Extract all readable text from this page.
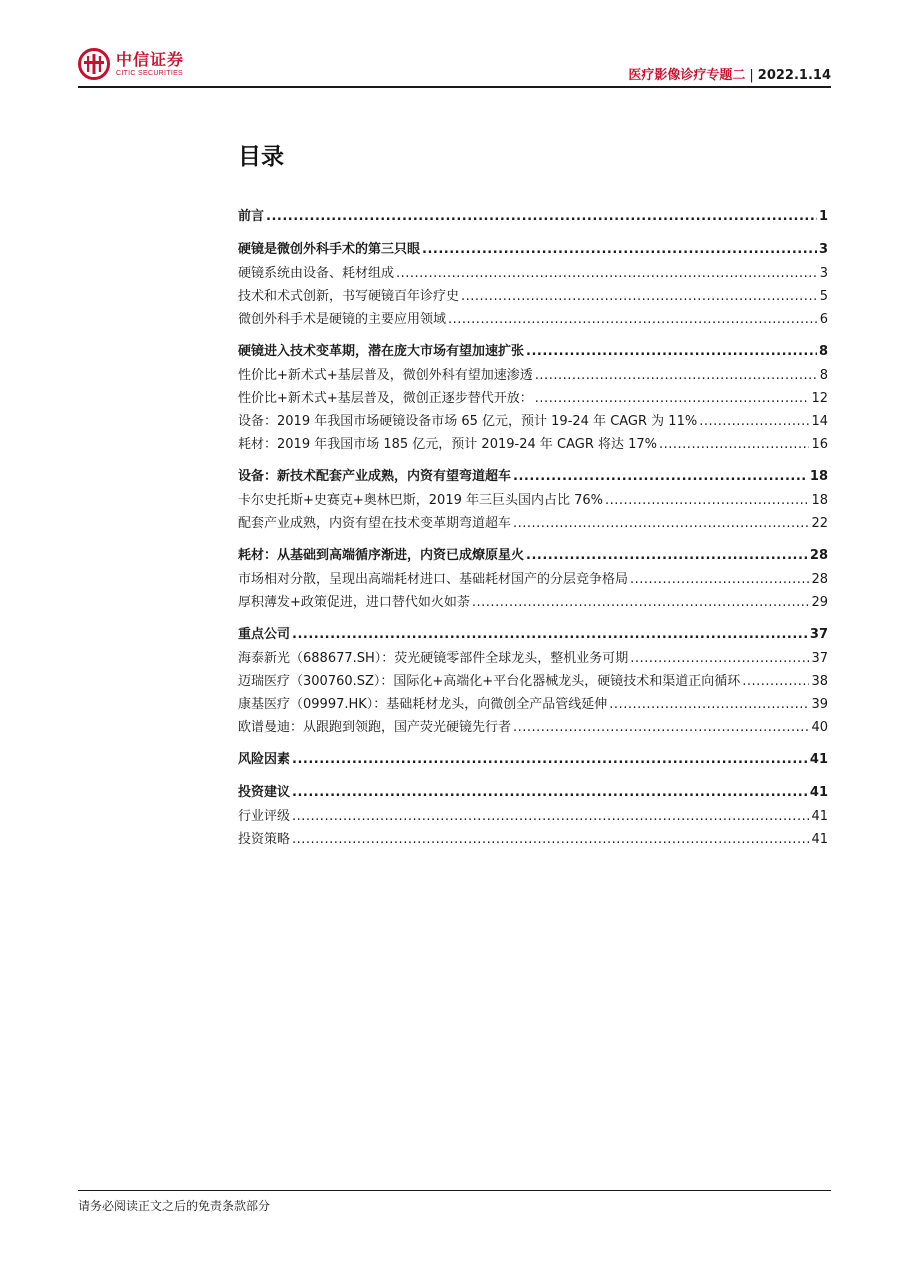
中信证券
CITIC SECURITIES	医疗影像诊疗专题二 | 2022.1.14
目录
前言 .....	1
硬镜是微创外科手术的第三只眼 .....	3
硬镜系统由设备、耗材组成 .....	3
技术和术式创新，书写硬镜百年诊疗史 .....	5
微创外科手术是硬镜的主要应用领域 .....	6
硬镜进入技术变革期，潜在庞大市场有望加速扩张 .....	8
性价比+新术式+基层普及，微创外科有望加速渗透 .....	8
性价比+新术式+基层普及，微创正逐步替代开放： .....	12
设备：2019 年我国市场硬镜设备市场 65 亿元，预计 19-24 年 CAGR 为 11% .....	14
耗材：2019 年我国市场 185 亿元，预计 2019-24 年 CAGR 将达 17% .....	16
设备：新技术配套产业成熟，内资有望弯道超车 .....	18
卡尔史托斯+史赛克+奥林巴斯，2019 年三巨头国内占比 76% .....	18
配套产业成熟，内资有望在技术变革期弯道超车 .....	22
耗材：从基础到高端循序渐进，内资已成燎原星火 .....	28
市场相对分散，呈现出高端耗材进口、基础耗材国产的分层竞争格局 .....	28
厚积薄发+政策促进，进口替代如火如荼 .....	29
重点公司 .....	37
海泰新光（688677.SH）：荧光硬镜零部件全球龙头，整机业务可期 .....	37
迈瑞医疗（300760.SZ）：国际化+高端化+平台化器械龙头，硬镜技术和渠道正向循环 .....	38
康基医疗（09997.HK）：基础耗材龙头，向微创全产品管线延伸 .....	39
欧谱曼迪：从跟跑到领跑，国产荧光硬镜先行者 .....	40
风险因素 .....	41
投资建议 .....	41
行业评级 .....	41
投资策略 .....	41
请务必阅读正文之后的免责条款部分
